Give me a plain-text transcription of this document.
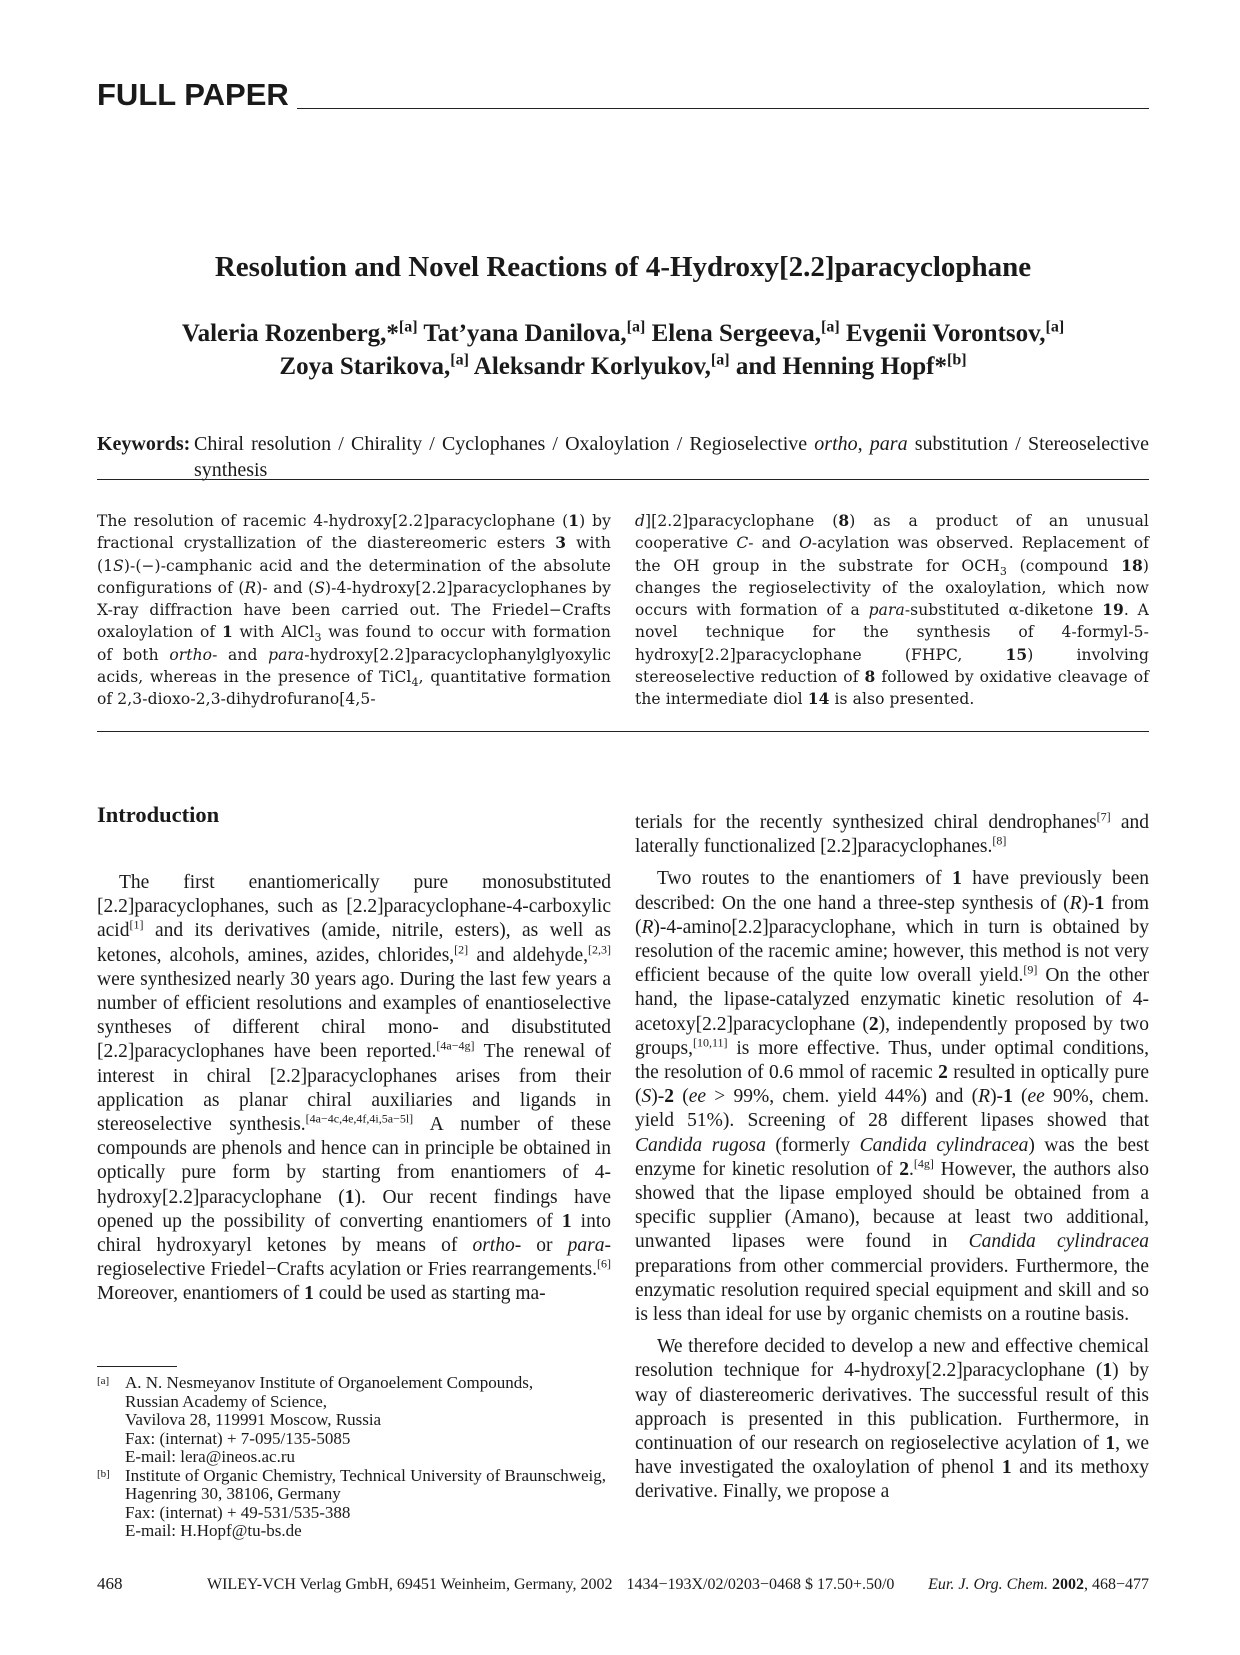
FULL PAPER
Resolution and Novel Reactions of 4-Hydroxy[2.2]paracyclophane
Valeria Rozenberg,*[a] Tat’yana Danilova,[a] Elena Sergeeva,[a] Evgenii Vorontsov,[a]
Zoya Starikova,[a] Aleksandr Korlyukov,[a] and Henning Hopf*[b]
Keywords: Chiral resolution / Chirality / Cyclophanes / Oxaloylation / Regioselective ortho, para substitution / Stereoselective synthesis
The resolution of racemic 4-hydroxy[2.2]paracyclophane (1) by fractional crystallization of the diastereomeric esters 3 with (1S)-(−)-camphanic acid and the determination of the absolute configurations of (R)- and (S)-4-hydroxy[2.2]paracyclophanes by X-ray diffraction have been carried out. The Friedel−Crafts oxaloylation of 1 with AlCl$_3$ was found to occur with formation of both ortho- and para-hydroxy[2.2]paracyclophanylglyoxylic acids, whereas in the presence of TiCl$_4$, quantitative formation of 2,3-dioxo-2,3-dihydrofurano[4,5-
d][2.2]paracyclophane (8) as a product of an unusual cooperative C- and O-acylation was observed. Replacement of the OH group in the substrate for $OCH_3$ (compound 18) changes the regioselectivity of the oxaloylation, which now occurs with formation of a para-substituted α-diketone 19. A novel technique for the synthesis of 4-formyl-5-hydroxy[2.2]paracyclophane (FHPC, 15) involving stereoselective reduction of 8 followed by oxidative cleavage of the intermediate diol 14 is also presented.
Introduction

The first enantiomerically pure monosubstituted [2.2]paracyclophanes, such as [2.2]paracyclophane-4-carboxylic acid[1] and its derivatives (amide, nitrile, esters), as well as ketones, alcohols, amines, azides, chlorides,[2] and aldehyde,[2,3] were synthesized nearly 30 years ago. During the last few years a number of efficient resolutions and examples of enantioselective syntheses of different chiral mono- and disubstituted [2.2]paracyclophanes have been reported.[4a−4g] The renewal of interest in chiral [2.2]paracyclophanes arises from their application as planar chiral auxiliaries and ligands in stereoselective synthesis.[4a−4c,4e,4f,4i,5a−5l] A number of these compounds are phenols and hence can in principle be obtained in optically pure form by starting from enantiomers of 4-hydroxy[2.2]paracyclophane (1). Our recent findings have opened up the possibility of converting enantiomers of 1 into chiral hydroxyaryl ketones by means of ortho- or para-regioselective Friedel−Crafts acylation or Fries rearrangements.[6] Moreover, enantiomers of 1 could be used as starting ma-

terials for the recently synthesized chiral dendrophanes[7] and laterally functionalized [2.2]paracyclophanes.[8]

Two routes to the enantiomers of 1 have previously been described: On the one hand a three-step synthesis of (R)-1 from (R)-4-amino[2.2]paracyclophane, which in turn is obtained by resolution of the racemic amine; however, this method is not very efficient because of the quite low overall yield.[9] On the other hand, the lipase-catalyzed enzymatic kinetic resolution of 4-acetoxy[2.2]paracyclophane (2), independently proposed by two groups,[10,11] is more effective. Thus, under optimal conditions, the resolution of 0.6 mmol of racemic 2 resulted in optically pure (S)-2 (ee > 99%, chem. yield 44%) and (R)-1 (ee 90%, chem. yield 51%). Screening of 28 different lipases showed that Candida rugosa (formerly Candida cylindracea) was the best enzyme for kinetic resolution of 2.[4g] However, the authors also showed that the lipase employed should be obtained from a specific supplier (Amano), because at least two additional, unwanted lipases were found in Candida cylindracea preparations from other commercial providers. Furthermore, the enzymatic resolution required special equipment and skill and so is less than ideal for use by organic chemists on a routine basis.

We therefore decided to develop a new and effective chemical resolution technique for 4-hydroxy[2.2]paracyclophane (1) by way of diastereomeric derivatives. The successful result of this approach is presented in this publication. Furthermore, in continuation of our research on regioselective acylation of 1, we have investigated the oxaloylation of phenol 1 and its methoxy derivative. Finally, we propose a

[a] A. N. Nesmeyanov Institute of Organoelement Compounds,
Russian Academy of Science,
Vavilova 28, 119991 Moscow, Russia
Fax: (internat) + 7-095/135-5085
E-mail: lera@ineos.ac.ru
[b] Institute of Organic Chemistry, Technical University of Braunschweig,
Hagenring 30, 38106, Germany
Fax: (internat) + 49-531/535-388
E-mail: H.Hopf@tu-bs.de
468	WILEY-VCH Verlag GmbH, 69451 Weinheim, Germany, 2002 1434−193X/02/0203−0468 $ 17.50+.50/0	Eur. J. Org. Chem. 2002, 468−477
